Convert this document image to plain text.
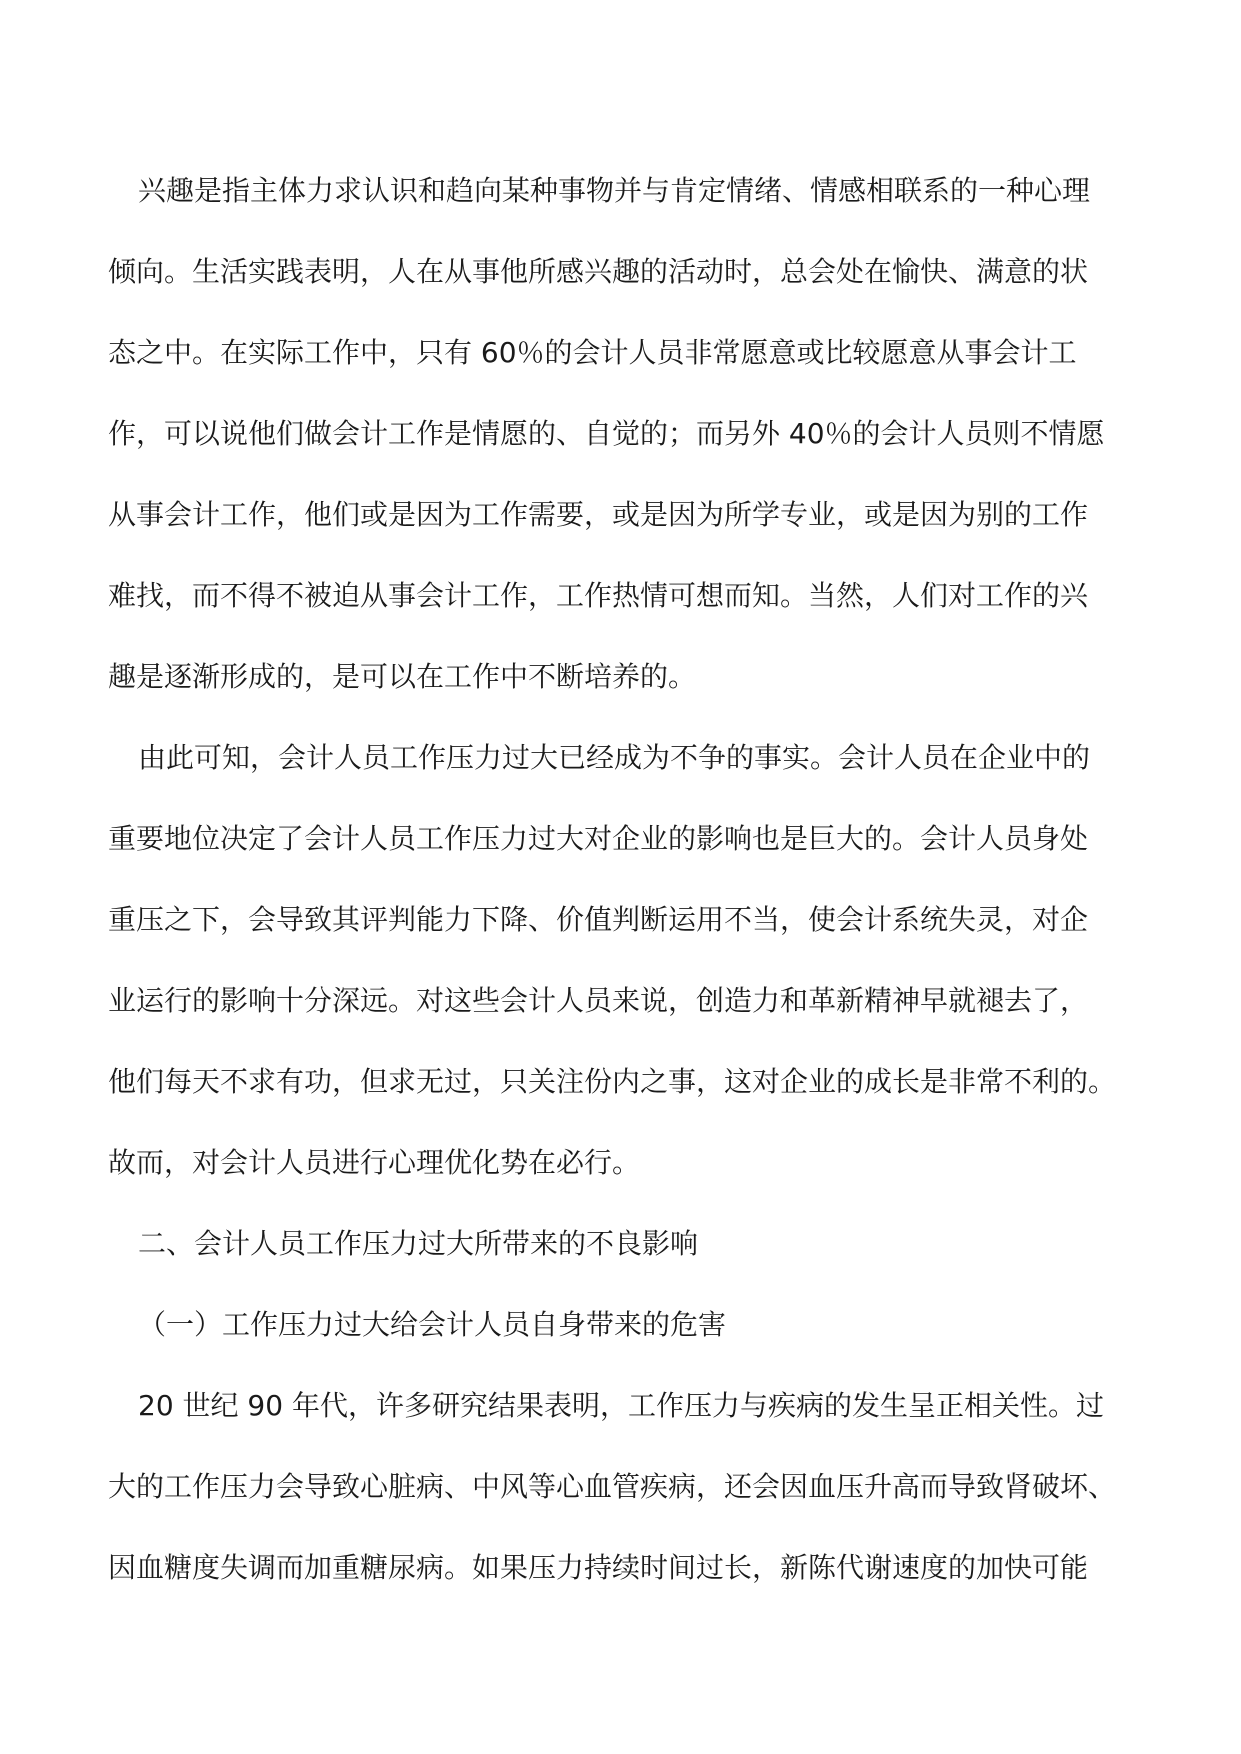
兴趣是指主体力求认识和趋向某种事物并与肯定情绪、情感相联系的一种心理
倾向。生活实践表明，人在从事他所感兴趣的活动时，总会处在愉快、满意的状
态之中。在实际工作中，只有 60％的会计人员非常愿意或比较愿意从事会计工
作，可以说他们做会计工作是情愿的、自觉的；而另外 40％的会计人员则不情愿
从事会计工作，他们或是因为工作需要，或是因为所学专业，或是因为别的工作
难找，而不得不被迫从事会计工作，工作热情可想而知。当然，人们对工作的兴
趣是逐渐形成的，是可以在工作中不断培养的。
由此可知，会计人员工作压力过大已经成为不争的事实。会计人员在企业中的
重要地位决定了会计人员工作压力过大对企业的影响也是巨大的。会计人员身处
重压之下，会导致其评判能力下降、价值判断运用不当，使会计系统失灵，对企
业运行的影响十分深远。对这些会计人员来说，创造力和革新精神早就褪去了，
他们每天不求有功，但求无过，只关注份内之事，这对企业的成长是非常不利的。
故而，对会计人员进行心理优化势在必行。
二、会计人员工作压力过大所带来的不良影响
（一）工作压力过大给会计人员自身带来的危害
20 世纪 90 年代，许多研究结果表明，工作压力与疾病的发生呈正相关性。过
大的工作压力会导致心脏病、中风等心血管疾病，还会因血压升高而导致肾破坏、
因血糖度失调而加重糖尿病。如果压力持续时间过长，新陈代谢速度的加快可能
